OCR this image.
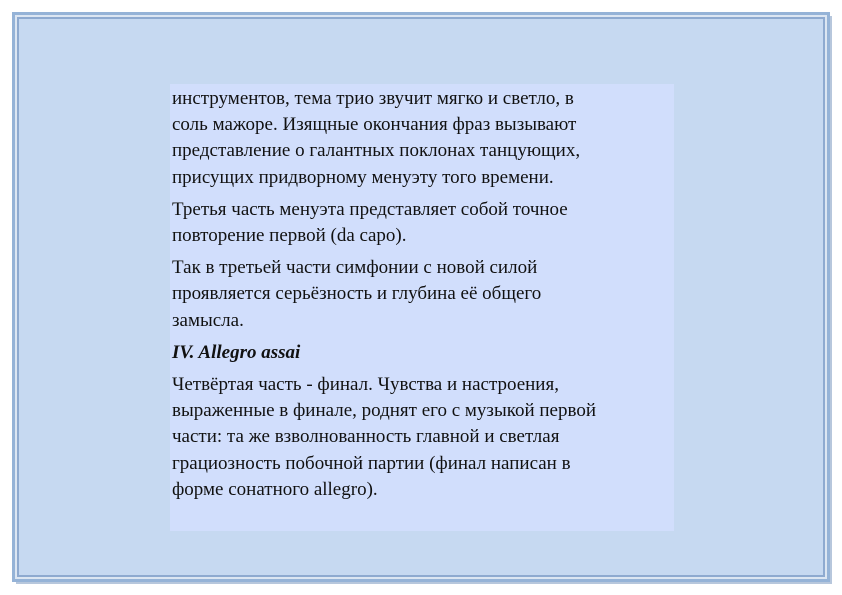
инструментов, тема трио звучит мягко и светло, в
соль мажоре. Изящные окончания фраз вызывают
представление о галантных поклонах танцующих,
присущих придворному менуэту того времени.

Третья часть менуэта представляет собой точное
повторение первой (da capo).

Так в третьей части симфонии с новой силой
проявляется серьёзность и глубина её общего
замысла.

IV. Allegro assai

Четвёртая часть - финал. Чувства и настроения,
выраженные в финале, роднят его с музыкой первой
части: та же взволнованность главной и светлая
грациозность побочной партии (финал написан в
форме сонатного allegro).
